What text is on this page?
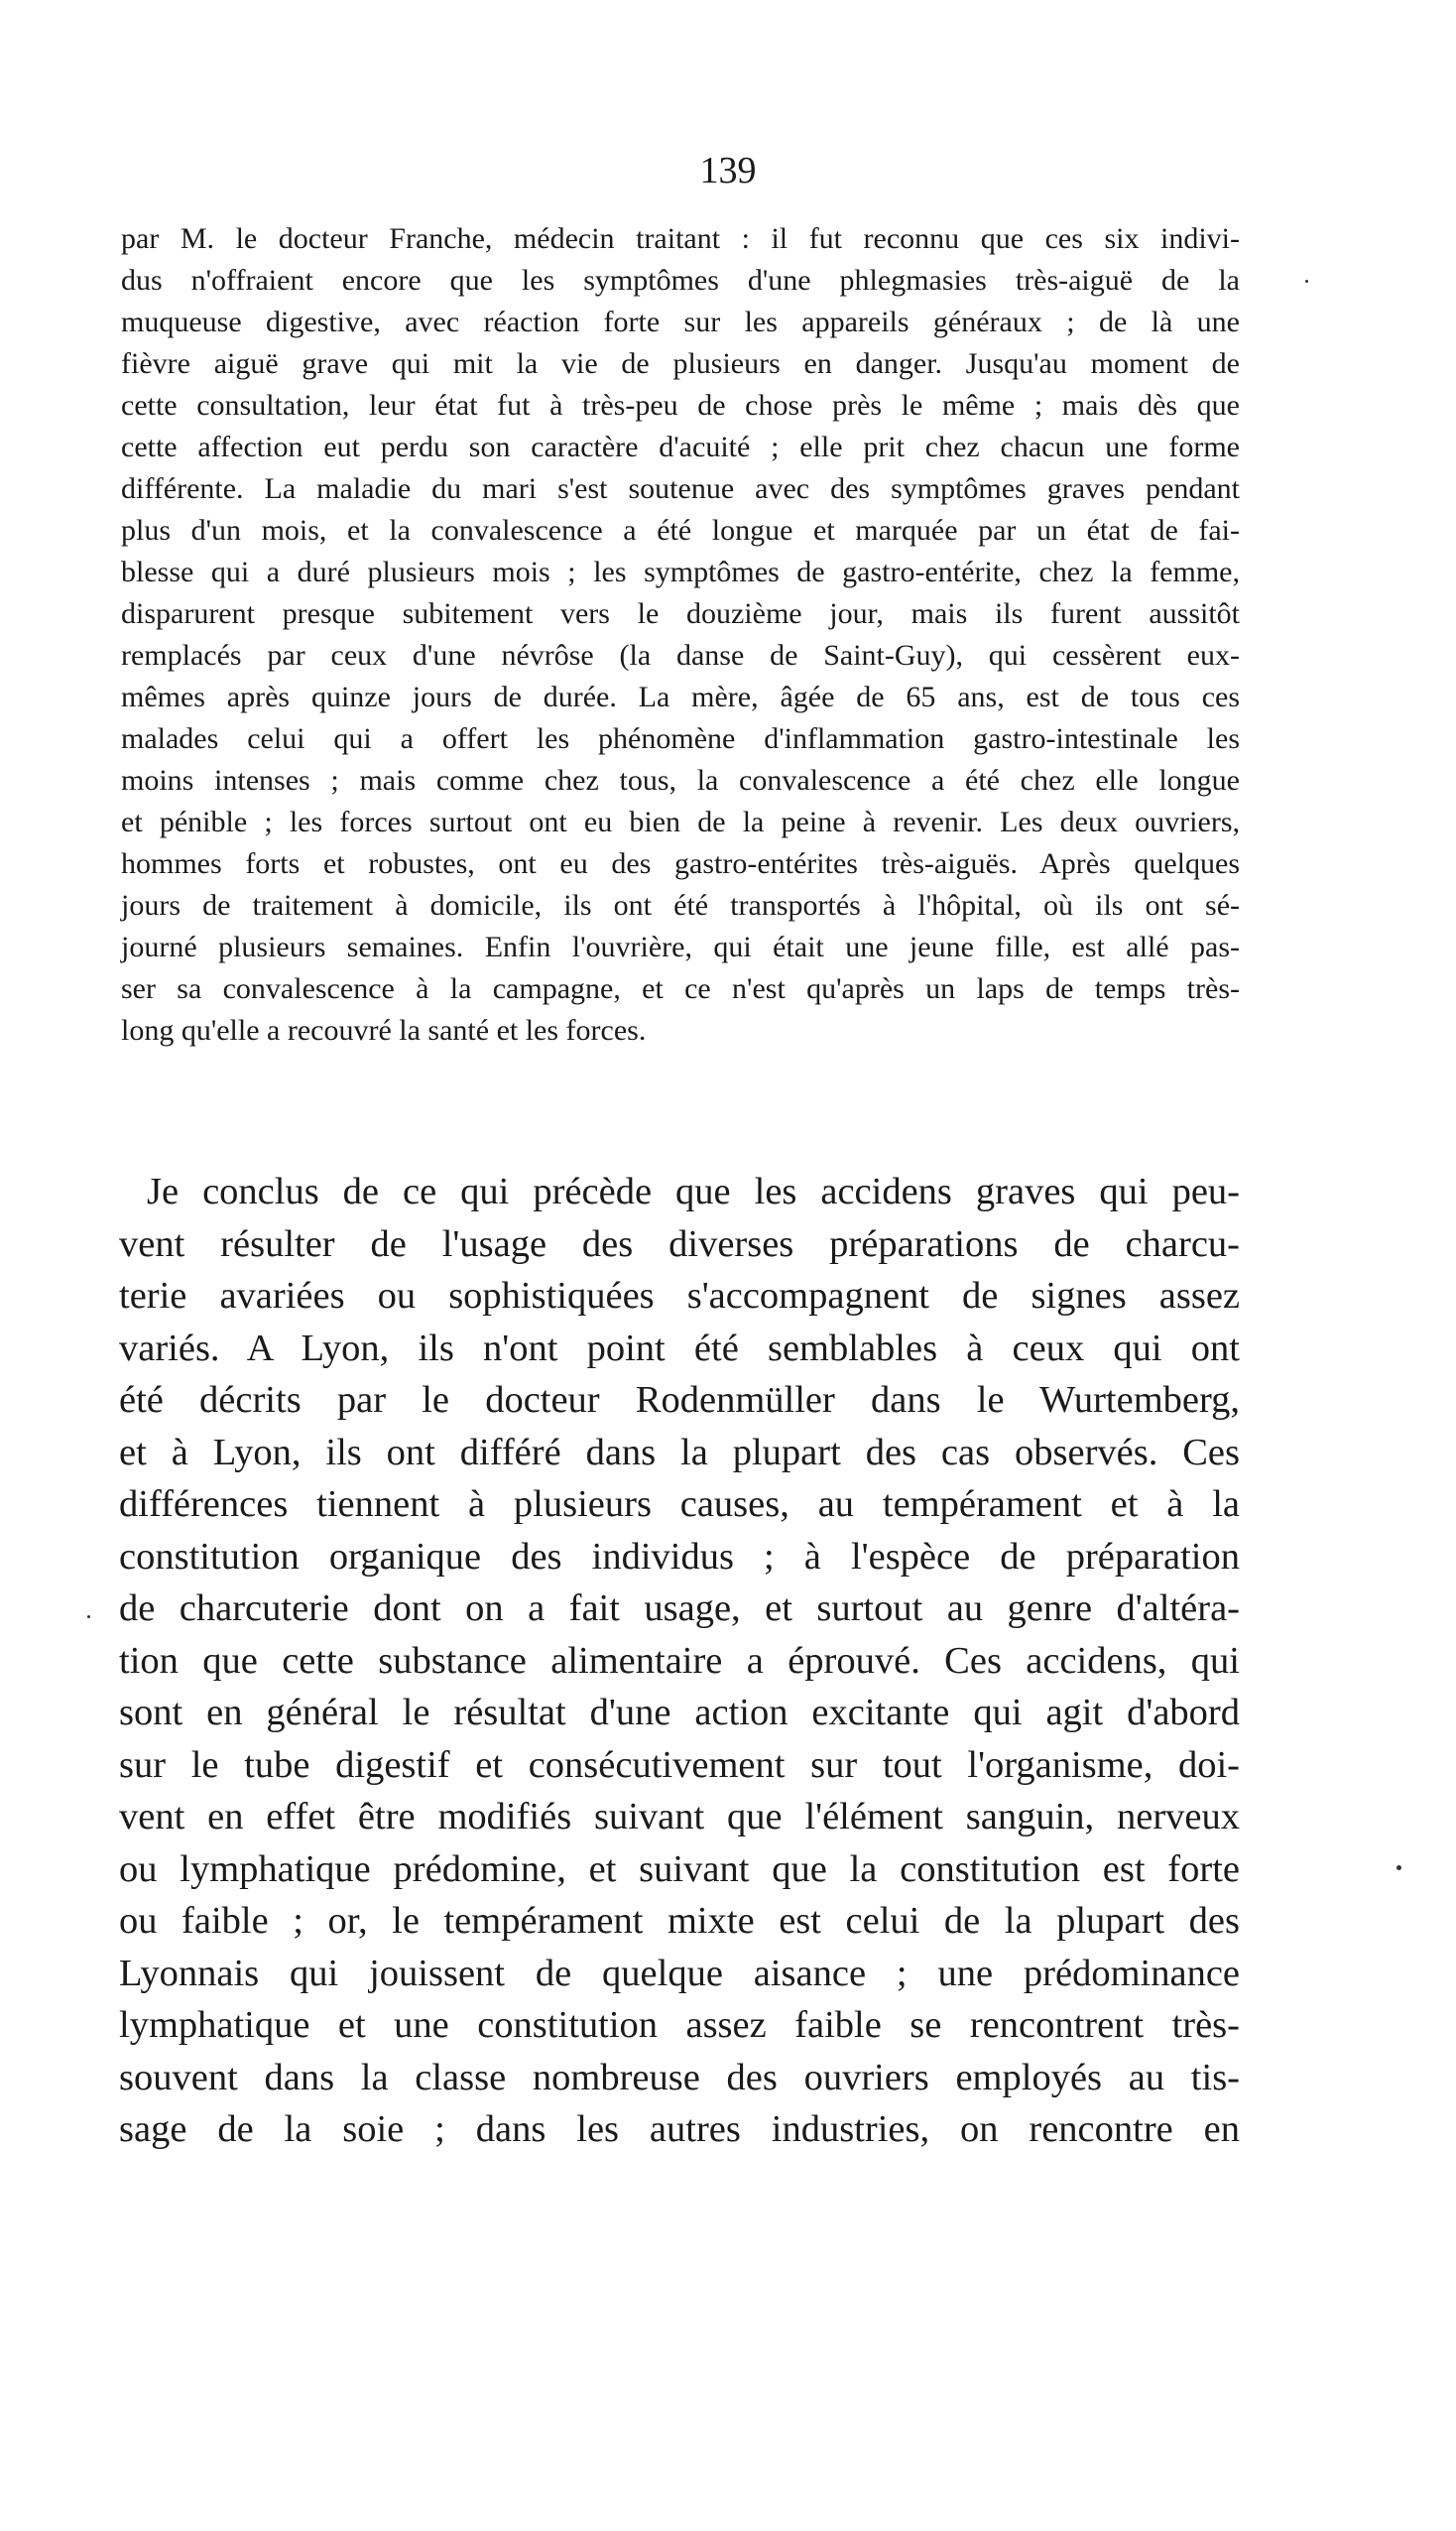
139
par M. le docteur Franche, médecin traitant : il fut reconnu que ces six indivi-
dus n'offraient encore que les symptômes d'une phlegmasies très-aiguë de la
muqueuse digestive, avec réaction forte sur les appareils généraux ; de là une
fièvre aiguë grave qui mit la vie de plusieurs en danger. Jusqu'au moment de
cette consultation, leur état fut à très-peu de chose près le même ; mais dès que
cette affection eut perdu son caractère d'acuité ; elle prit chez chacun une forme
différente. La maladie du mari s'est soutenue avec des symptômes graves pendant
plus d'un mois, et la convalescence a été longue et marquée par un état de fai-
blesse qui a duré plusieurs mois ; les symptômes de gastro-entérite, chez la femme,
disparurent presque subitement vers le douzième jour, mais ils furent aussitôt
remplacés par ceux d'une névrôse (la danse de Saint-Guy), qui cessèrent eux-
mêmes après quinze jours de durée. La mère, âgée de 65 ans, est de tous ces
malades celui qui a offert les phénomène d'inflammation gastro-intestinale les
moins intenses ; mais comme chez tous, la convalescence a été chez elle longue
et pénible ; les forces surtout ont eu bien de la peine à revenir. Les deux ouvriers,
hommes forts et robustes, ont eu des gastro-entérites très-aiguës. Après quelques
jours de traitement à domicile, ils ont été transportés à l'hôpital, où ils ont sé-
journé plusieurs semaines. Enfin l'ouvrière, qui était une jeune fille, est allé pas-
ser sa convalescence à la campagne, et ce n'est qu'après un laps de temps très-
long qu'elle a recouvré la santé et les forces.
Je conclus de ce qui précède que les accidens graves qui peu-
vent résulter de l'usage des diverses préparations de charcu-
terie avariées ou sophistiquées s'accompagnent de signes assez
variés. A Lyon, ils n'ont point été semblables à ceux qui ont
été décrits par le docteur Rodenmüller dans le Wurtemberg,
et à Lyon, ils ont différé dans la plupart des cas observés. Ces
différences tiennent à plusieurs causes, au tempérament et à la
constitution organique des individus ; à l'espèce de préparation
de charcuterie dont on a fait usage, et surtout au genre d'altéra-
tion que cette substance alimentaire a éprouvé. Ces accidens, qui
sont en général le résultat d'une action excitante qui agit d'abord
sur le tube digestif et consécutivement sur tout l'organisme, doi-
vent en effet être modifiés suivant que l'élément sanguin, nerveux
ou lymphatique prédomine, et suivant que la constitution est forte
ou faible ; or, le tempérament mixte est celui de la plupart des
Lyonnais qui jouissent de quelque aisance ; une prédominance
lymphatique et une constitution assez faible se rencontrent très-
souvent dans la classe nombreuse des ouvriers employés au tis-
sage de la soie ; dans les autres industries, on rencontre en
